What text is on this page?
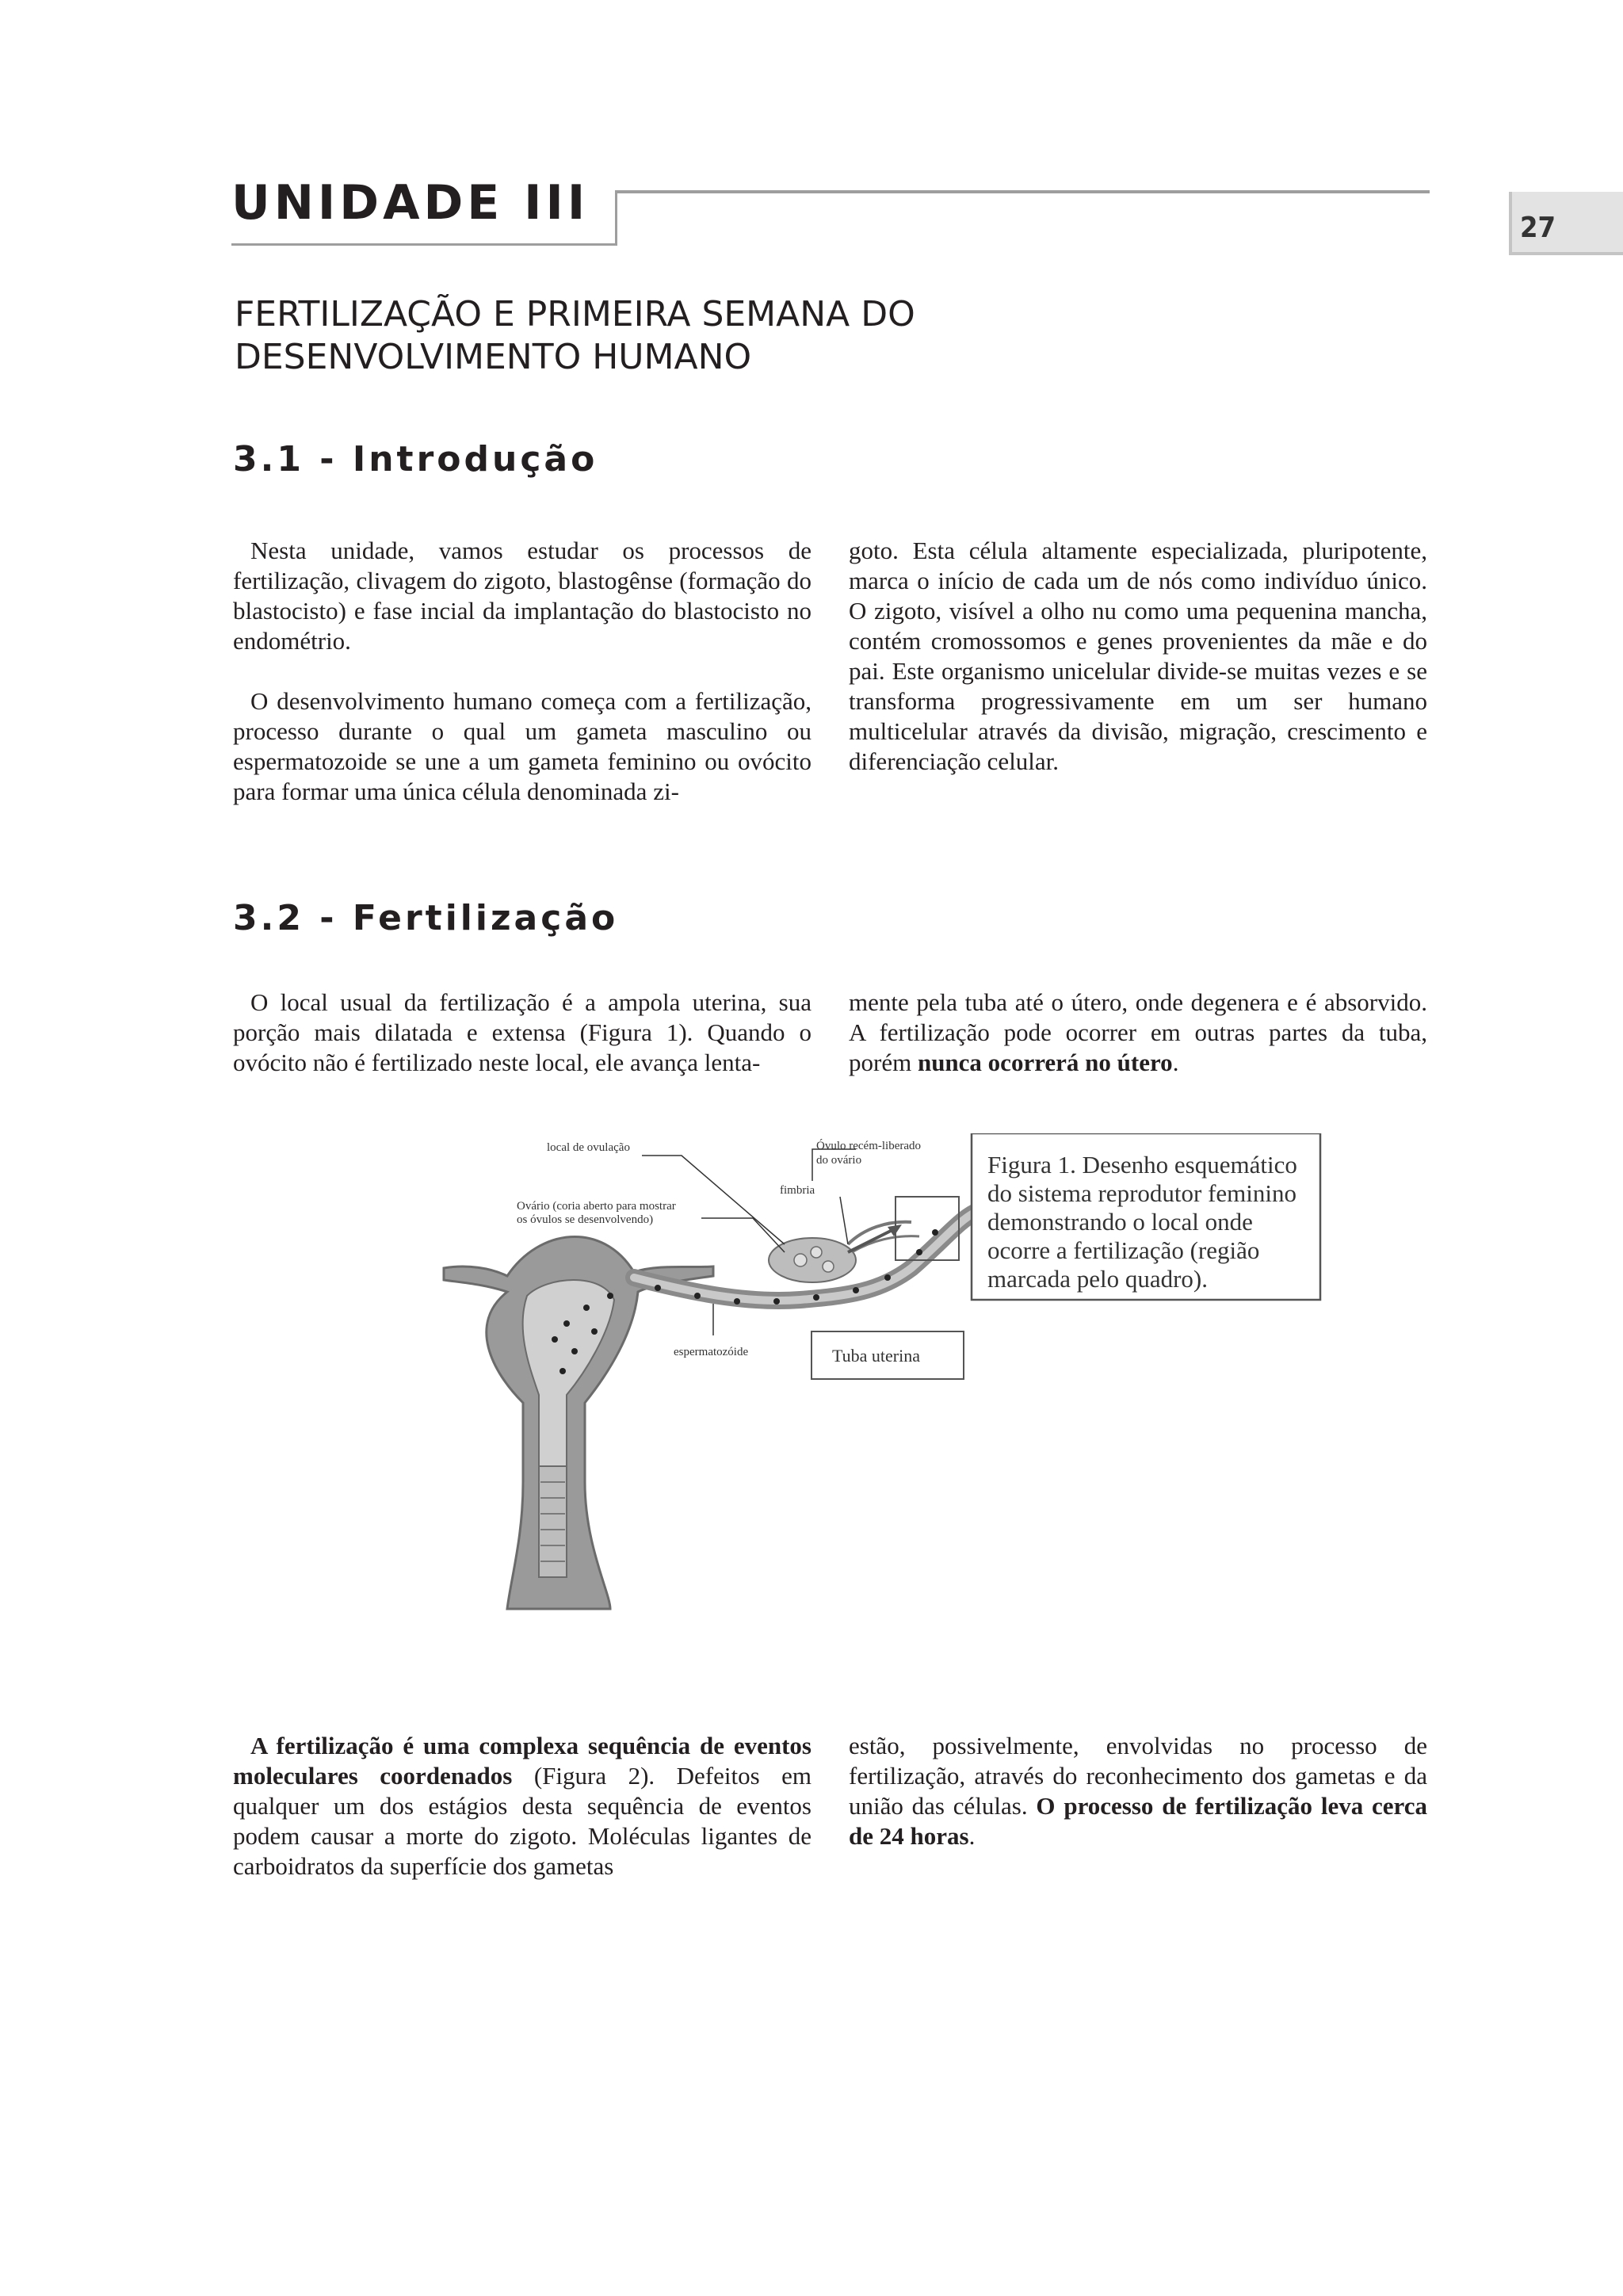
UNIDADE III	27
FERTILIZAÇÃO E PRIMEIRA SEMANA DO
DESENVOLVIMENTO HUMANO
3.1 - Introdução

Nesta unidade, vamos estudar os processos de fertilização, clivagem do zigoto, blastogênse (formação do blastocisto) e fase incial da implantação do blastocisto no endométrio.

O desenvolvimento humano começa com a fertilização, processo durante o qual um gameta masculino ou espermatozoide se une a um gameta feminino ou ovócito para formar uma única célula denominada zi-

goto. Esta célula altamente especializada, pluripotente, marca o início de cada um de nós como indivíduo único. O zigoto, visível a olho nu como uma pequenina mancha, contém cromossomos e genes provenientes da mãe e do pai. Este organismo unicelular divide-se muitas vezes e se transforma progressivamente em um ser humano multicelular através da divisão, migração, crescimento e diferenciação celular.

3.2 - Fertilização

O local usual da fertilização é a ampola uterina, sua porção mais dilatada e extensa (Figura 1). Quando o ovócito não é fertilizado neste local, ele avança lenta-

mente pela tuba até o útero, onde degenera e é absorvido. A fertilização pode ocorrer em outras partes da tuba, porém nunca ocorrerá no útero.

local de ovulação	Óvulo recém-liberado
do ovário
fimbria
Ovário (coria aberto para mostrar
os óvulos se desenvolvendo)
espermatozóide	Tuba uterina
Figura 1. Desenho esquemático
do sistema reprodutor feminino
demonstrando o local onde
ocorre a fertilização (região
marcada pelo quadro).

A fertilização é uma complexa sequência de eventos moleculares coordenados (Figura 2). Defeitos em qualquer um dos estágios desta sequência de eventos podem causar a morte do zigoto. Moléculas ligantes de carboidratos da superfície dos gametas

estão, possivelmente, envolvidas no processo de fertilização, através do reconhecimento dos gametas e da união das células. O processo de fertilização leva cerca de 24 horas.
